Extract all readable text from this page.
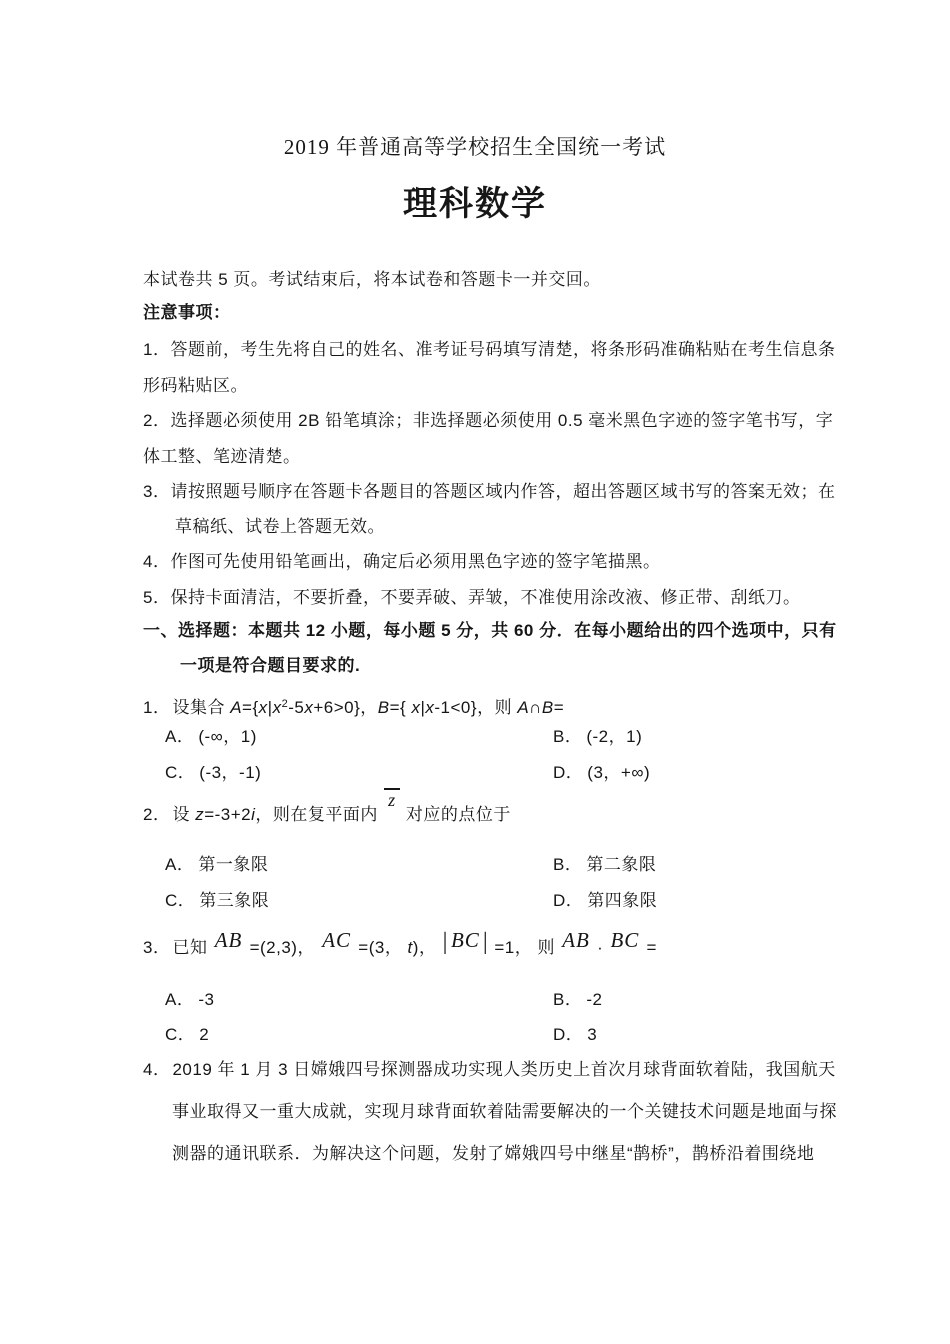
2019 年普通高等学校招生全国统一考试
理科数学
本试卷共 5 页。考试结束后，将本试卷和答题卡一并交回。
注意事项：
1．答题前，考生先将自己的姓名、准考证号码填写清楚，将条形码准确粘贴在考生信息条
形码粘贴区。
2．选择题必须使用 2B 铅笔填涂；非选择题必须使用 0.5 毫米黑色字迹的签字笔书写，字
体工整、笔迹清楚。
3．请按照题号顺序在答题卡各题目的答题区域内作答，超出答题区域书写的答案无效；在
草稿纸、试卷上答题无效。
4．作图可先使用铅笔画出，确定后必须用黑色字迹的签字笔描黑。
5．保持卡面清洁，不要折叠，不要弄破、弄皱，不准使用涂改液、修正带、刮纸刀。
一、选择题：本题共 12 小题，每小题 5 分，共 60 分．在每小题给出的四个选项中，只有
一项是符合题目要求的.
1． 设集合 $A=\{x|x^2-5x+6>0\}$，B={ x|x-1<0}，则 A∩B=
A． (-∞，1)	B． (-2，1)
C． (-3，-1)	D． (3，+∞)
2． 设 z=-3+2i，则在复平面内 z 对应的点位于
A． 第一象限	B． 第二象限
C． 第三象限	D． 第四象限
3． 已知 AB =(2,3)， AC =(3， t)， | BC | =1， 则 AB · BC =
A． -3	B． -2
C． 2	D． 3
4． 2019 年 1 月 3 日嫦娥四号探测器成功实现人类历史上首次月球背面软着陆，我国航天
事业取得又一重大成就，实现月球背面软着陆需要解决的一个关键技术问题是地面与探
测器的通讯联系．为解决这个问题，发射了嫦娥四号中继星“鹊桥”，鹊桥沿着围绕地
